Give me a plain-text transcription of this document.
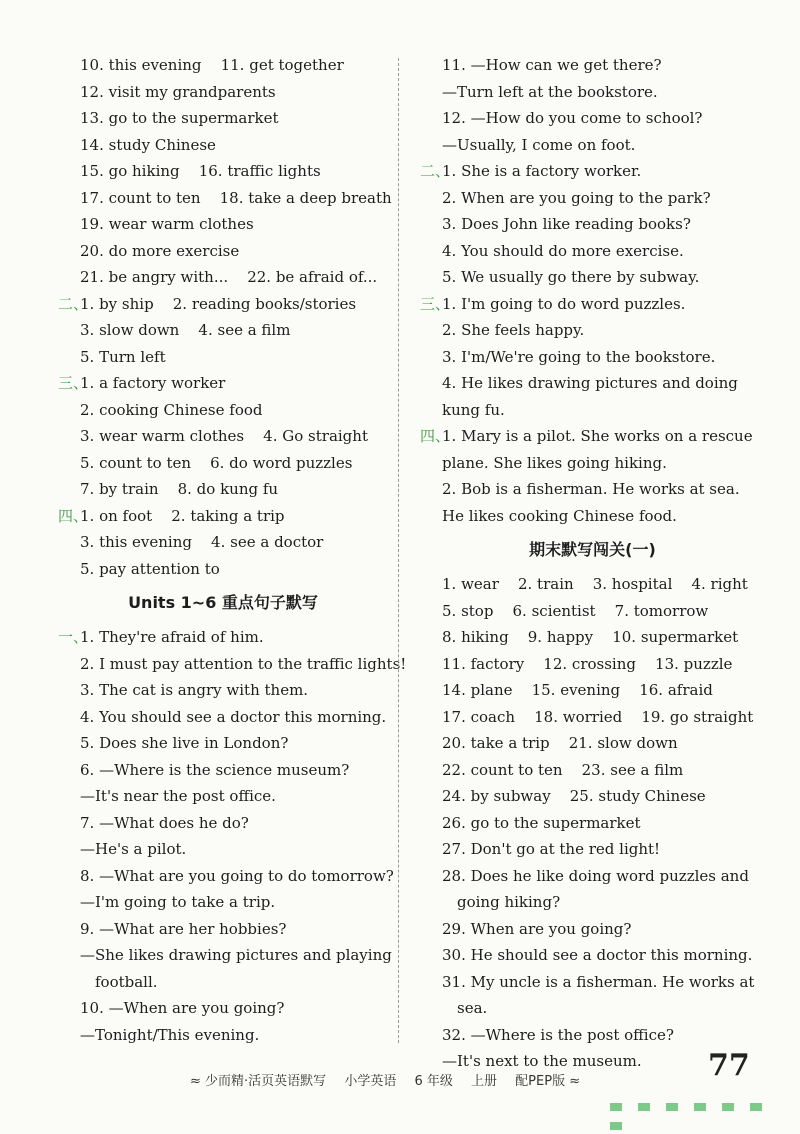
10. this evening    11. get together
12. visit my grandparents
13. go to the supermarket
14. study Chinese
15. go hiking    16. traffic lights
17. count to ten    18. take a deep breath
19. wear warm clothes
20. do more exercise
21. be angry with...    22. be afraid of...
二、1. by ship    2. reading books/stories
3. slow down    4. see a film
5. Turn left
三、1. a factory worker
2. cooking Chinese food
3. wear warm clothes    4. Go straight
5. count to ten    6. do word puzzles
7. by train    8. do kung fu
四、1. on foot    2. taking a trip
3. this evening    4. see a doctor
5. pay attention to
Units 1~6 重点句子默写
一、1. They're afraid of him.
2. I must pay attention to the traffic lights!
3. The cat is angry with them.
4. You should see a doctor this morning.
5. Does she live in London?
6. —Where is the science museum?
—It's near the post office.
7. —What does he do?
—He's a pilot.
8. —What are you going to do tomorrow?
—I'm going to take a trip.
9. —What are her hobbies?
—She likes drawing pictures and playing
football.
10. —When are you going?
—Tonight/This evening.
11. —How can we get there?
—Turn left at the bookstore.
12. —How do you come to school?
—Usually, I come on foot.
二、1. She is a factory worker.
2. When are you going to the park?
3. Does John like reading books?
4. You should do more exercise.
5. We usually go there by subway.
三、1. I'm going to do word puzzles.
2. She feels happy.
3. I'm/We're going to the bookstore.
4. He likes drawing pictures and doing
kung fu.
四、1. Mary is a pilot. She works on a rescue
plane. She likes going hiking.
2. Bob is a fisherman. He works at sea.
He likes cooking Chinese food.
期末默写闯关(一)
1. wear    2. train    3. hospital    4. right
5. stop    6. scientist    7. tomorrow
8. hiking    9. happy    10. supermarket
11. factory    12. crossing    13. puzzle
14. plane    15. evening    16. afraid
17. coach    18. worried    19. go straight
20. take a trip    21. slow down
22. count to ten    23. see a film
24. by subway    25. study Chinese
26. go to the supermarket
27. Don't go at the red light!
28. Does he like doing word puzzles and
going hiking?
29. When are you going?
30. He should see a doctor this morning.
31. My uncle is a fisherman. He works at
sea.
32. —Where is the post office?
—It's next to the museum.
≈ 少而精·活页英语默写 小学英语 6 年级 上册 配PEP版 ≈	77
